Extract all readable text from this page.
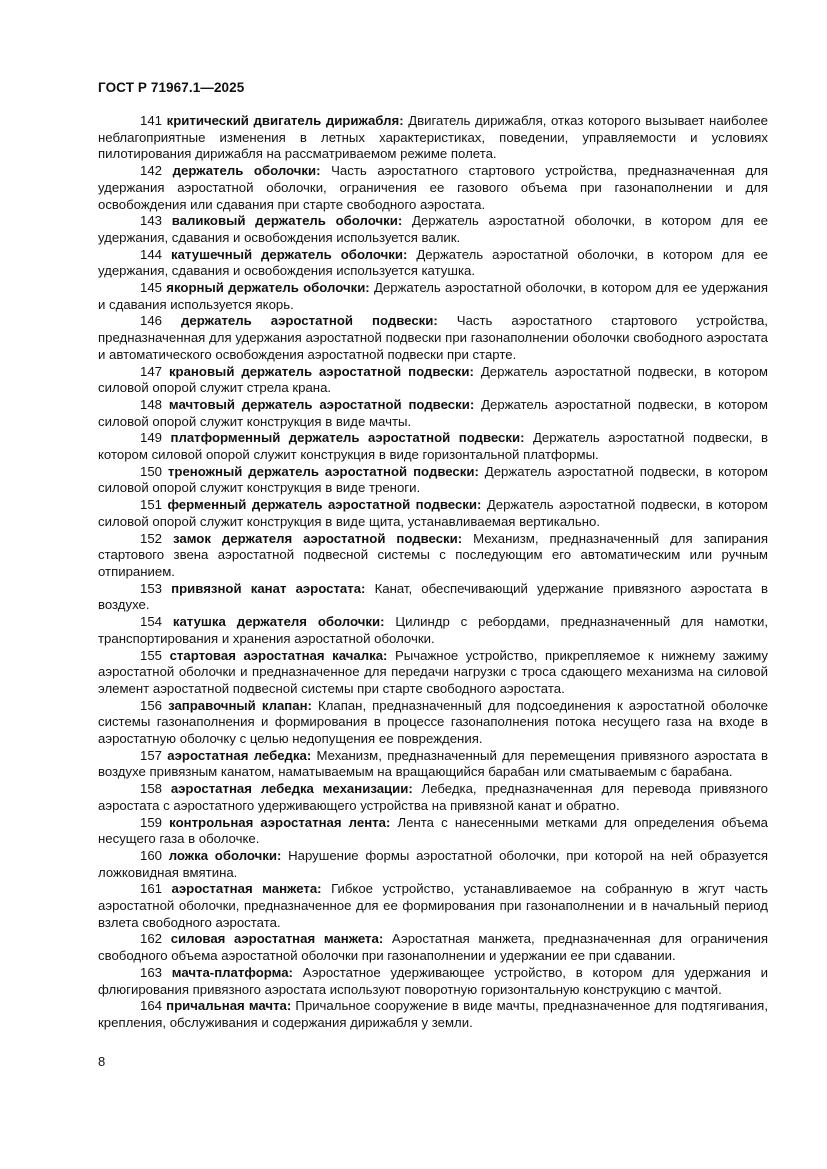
ГОСТ Р 71967.1—2025

141 критический двигатель дирижабля: Двигатель дирижабля, отказ которого вызывает наиболее неблагоприятные изменения в летных характеристиках, поведении, управляемости и условиях пилотирования дирижабля на рассматриваемом режиме полета.

142 держатель оболочки: Часть аэростатного стартового устройства, предназначенная для удержания аэростатной оболочки, ограничения ее газового объема при газонаполнении и для освобождения или сдавания при старте свободного аэростата.

143 валиковый держатель оболочки: Держатель аэростатной оболочки, в котором для ее удержания, сдавания и освобождения используется валик.

144 катушечный держатель оболочки: Держатель аэростатной оболочки, в котором для ее удержания, сдавания и освобождения используется катушка.

145 якорный держатель оболочки: Держатель аэростатной оболочки, в котором для ее удержания и сдавания используется якорь.

146 держатель аэростатной подвески: Часть аэростатного стартового устройства, предназначенная для удержания аэростатной подвески при газонаполнении оболочки свободного аэростата и автоматического освобождения аэростатной подвески при старте.

147 крановый держатель аэростатной подвески: Держатель аэростатной подвески, в котором силовой опорой служит стрела крана.

148 мачтовый держатель аэростатной подвески: Держатель аэростатной подвески, в котором силовой опорой служит конструкция в виде мачты.

149 платформенный держатель аэростатной подвески: Держатель аэростатной подвески, в котором силовой опорой служит конструкция в виде горизонтальной платформы.

150 треножный держатель аэростатной подвески: Держатель аэростатной подвески, в котором силовой опорой служит конструкция в виде треноги.

151 ферменный держатель аэростатной подвески: Держатель аэростатной подвески, в котором силовой опорой служит конструкция в виде щита, устанавливаемая вертикально.

152 замок держателя аэростатной подвески: Механизм, предназначенный для запирания стартового звена аэростатной подвесной системы с последующим его автоматическим или ручным отпиранием.

153 привязной канат аэростата: Канат, обеспечивающий удержание привязного аэростата в воздухе.

154 катушка держателя оболочки: Цилиндр с ребордами, предназначенный для намотки, транспортирования и хранения аэростатной оболочки.

155 стартовая аэростатная качалка: Рычажное устройство, прикрепляемое к нижнему зажиму аэростатной оболочки и предназначенное для передачи нагрузки с троса сдающего механизма на силовой элемент аэростатной подвесной системы при старте свободного аэростата.

156 заправочный клапан: Клапан, предназначенный для подсоединения к аэростатной оболочке системы газонаполнения и формирования в процессе газонаполнения потока несущего газа на входе в аэростатную оболочку с целью недопущения ее повреждения.

157 аэростатная лебедка: Механизм, предназначенный для перемещения привязного аэростата в воздухе привязным канатом, наматываемым на вращающийся барабан или сматываемым с барабана.

158 аэростатная лебедка механизации: Лебедка, предназначенная для перевода привязного аэростата с аэростатного удерживающего устройства на привязной канат и обратно.

159 контрольная аэростатная лента: Лента с нанесенными метками для определения объема несущего газа в оболочке.

160 ложка оболочки: Нарушение формы аэростатной оболочки, при которой на ней образуется ложковидная вмятина.

161 аэростатная манжета: Гибкое устройство, устанавливаемое на собранную в жгут часть аэростатной оболочки, предназначенное для ее формирования при газонаполнении и в начальный период взлета свободного аэростата.

162 силовая аэростатная манжета: Аэростатная манжета, предназначенная для ограничения свободного объема аэростатной оболочки при газонаполнении и удержании ее при сдавании.

163 мачта-платформа: Аэростатное удерживающее устройство, в котором для удержания и флюгирования привязного аэростата используют поворотную горизонтальную конструкцию с мачтой.

164 причальная мачта: Причальное сооружение в виде мачты, предназначенное для подтягивания, крепления, обслуживания и содержания дирижабля у земли.

8
